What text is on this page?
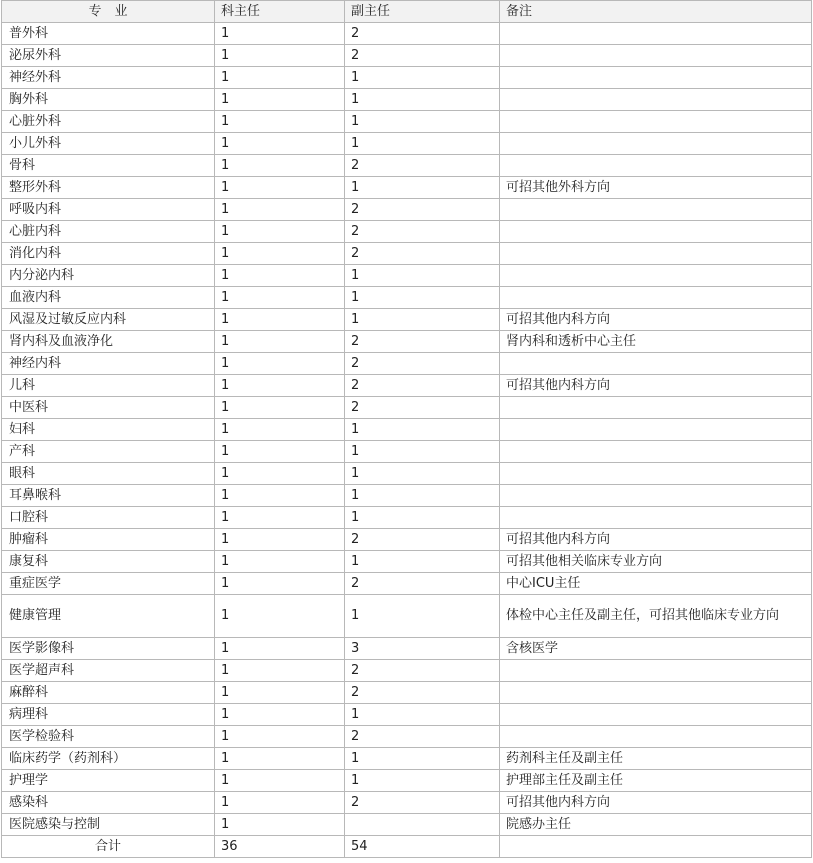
专　业	科主任	副主任	备注
普外科	1	2	
泌尿外科	1	2	
神经外科	1	1	
胸外科	1	1	
心脏外科	1	1	
小儿外科	1	1	
骨科	1	2	
整形外科	1	1	可招其他外科方向
呼吸内科	1	2	
心脏内科	1	2	
消化内科	1	2	
内分泌内科	1	1	
血液内科	1	1	
风湿及过敏反应内科	1	1	可招其他内科方向
肾内科及血液净化	1	2	肾内科和透析中心主任
神经内科	1	2	
儿科	1	2	可招其他内科方向
中医科	1	2	
妇科	1	1	
产科	1	1	
眼科	1	1	
耳鼻喉科	1	1	
口腔科	1	1	
肿瘤科	1	2	可招其他内科方向
康复科	1	1	可招其他相关临床专业方向
重症医学	1	2	中心ICU主任
健康管理	1	1	体检中心主任及副主任，可招其他临床专业方向
医学影像科	1	3	含核医学
医学超声科	1	2	
麻醉科	1	2	
病理科	1	1	
医学检验科	1	2	
临床药学（药剂科）	1	1	药剂科主任及副主任
护理学	1	1	护理部主任及副主任
感染科	1	2	可招其他内科方向
医院感染与控制	1		院感办主任
合计	36	54	
